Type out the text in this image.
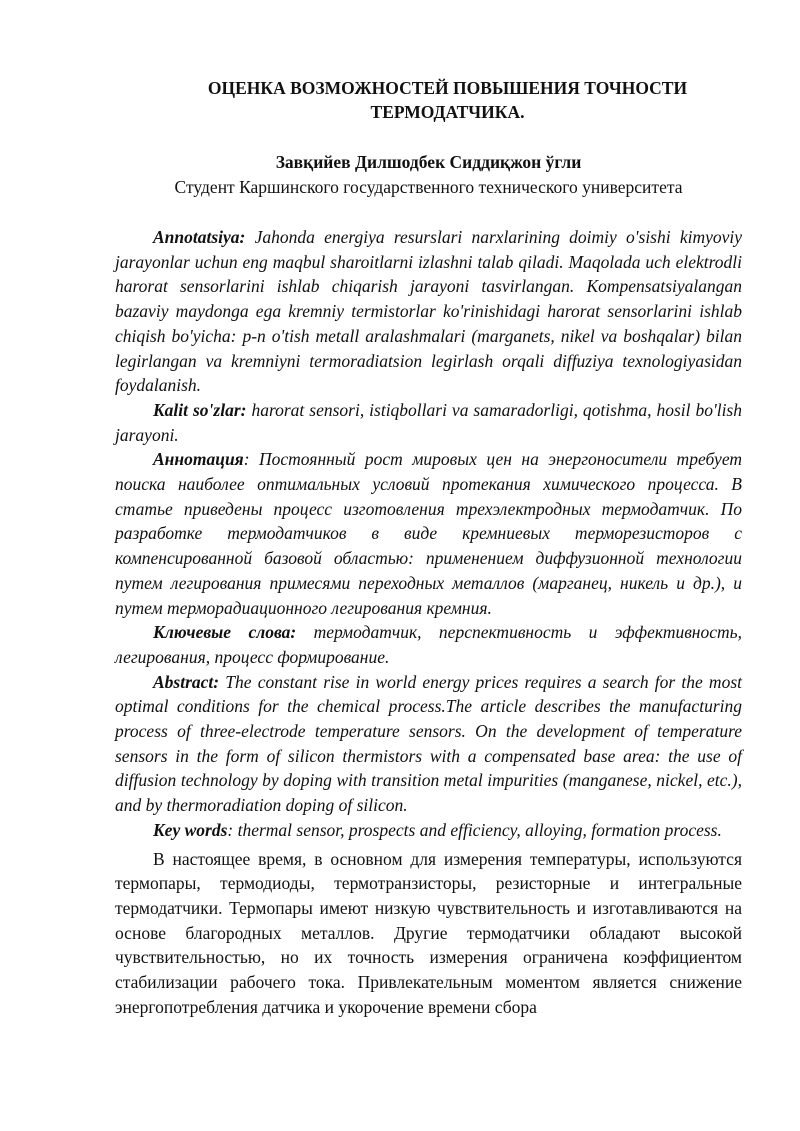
ОЦЕНКА ВОЗМОЖНОСТЕЙ ПОВЫШЕНИЯ ТОЧНОСТИ ТЕРМОДАТЧИКА.
Завқийев Дилшодбек Сиддиқжон ўгли
Студент Каршинского государственного технического университета

Annotatsiya: Jahonda energiya resurslari narxlarining doimiy o'sishi kimyoviy jarayonlar uchun eng maqbul sharoitlarni izlashni talab qiladi. Maqolada uch elektrodli harorat sensorlarini ishlab chiqarish jarayoni tasvirlangan. Kompensatsiyalangan bazaviy maydonga ega kremniy termistorlar ko'rinishidagi harorat sensorlarini ishlab chiqish bo'yicha: p-n o'tish metall aralashmalari (marganets, nikel va boshqalar) bilan legirlangan va kremniyni termoradiatsion legirlash orqali diffuziya texnologiyasidan foydalanish.

Kalit so'zlar: harorat sensori, istiqbollari va samaradorligi, qotishma, hosil bo'lish jarayoni.

Аннотация: Постоянный рост мировых цен на энергоносители требует поиска наиболее оптимальных условий протекания химического процесса. В статье приведены процесс изготовления трехэлектродных термодатчик. По разработке термодатчиков в виде кремниевых терморезисторов с компенсированной базовой областью: применением диффузионной технологии путем легирования примесями переходных металлов (марганец, никель и др.), и путем терморадиационного легирования кремния.

Ключевые слова: термодатчик, перспективность и эффективность, легирования, процесс формирование.

Abstract: The constant rise in world energy prices requires a search for the most optimal conditions for the chemical process.The article describes the manufacturing process of three-electrode temperature sensors. On the development of temperature sensors in the form of silicon thermistors with a compensated base area: the use of diffusion technology by doping with transition metal impurities (manganese, nickel, etc.), and by thermoradiation doping of silicon.

Key words: thermal sensor, prospects and efficiency, alloying, formation process.

В настоящее время, в основном для измерения температуры, используются термопары, термодиоды, термотранзисторы, резисторные и интегральные термодатчики. Термопары имеют низкую чувствительность и изготавливаются на основе благородных металлов. Другие термодатчики обладают высокой чувствительностью, но их точность измерения ограничена коэффициентом стабилизации рабочего тока. Привлекательным моментом является снижение энергопотребления датчика и укорочение времени сбора
